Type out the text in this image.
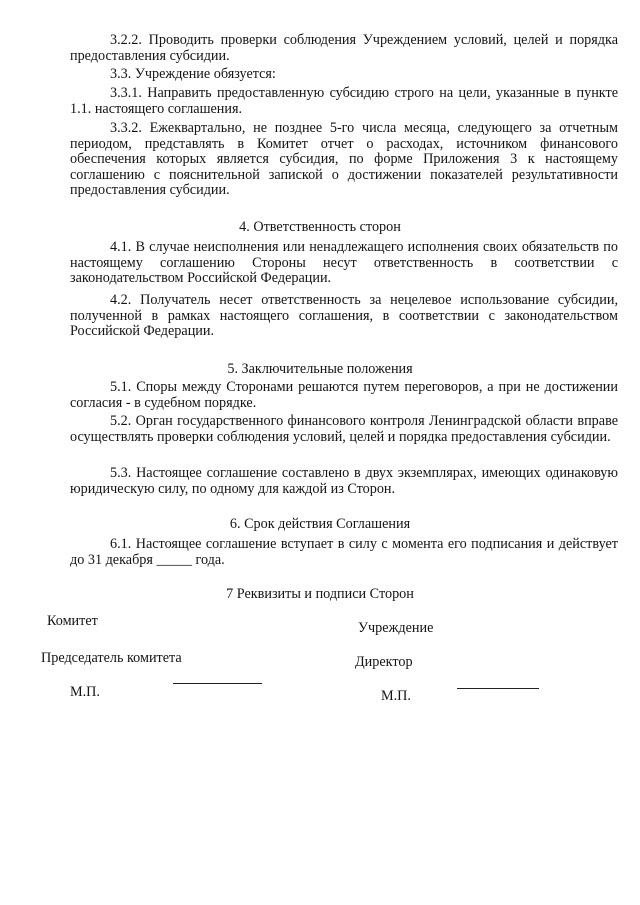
3.2.2. Проводить проверки соблюдения Учреждением условий, целей и порядка предоставления субсидии.

3.3. Учреждение обязуется:

3.3.1. Направить предоставленную субсидию строго на цели, указанные в пункте 1.1. настоящего соглашения.

3.3.2. Ежеквартально, не позднее 5-го числа месяца, следующего за отчетным периодом, представлять в Комитет отчет о расходах, источником финансового обеспечения которых является субсидия, по форме Приложения 3 к настоящему соглашению с пояснительной запиской о достижении показателей результативности предоставления субсидии.

4. Ответственность сторон

4.1. В случае неисполнения или ненадлежащего исполнения своих обязательств по настоящему соглашению Стороны несут ответственность в соответствии с законодательством Российской Федерации.

4.2. Получатель несет ответственность за нецелевое использование субсидии, полученной в рамках настоящего соглашения, в соответствии с законодательством Российской Федерации.

5. Заключительные положения

5.1. Споры между Сторонами решаются путем переговоров, а при не достижении согласия - в судебном порядке.

5.2. Орган государственного финансового контроля Ленинградской области вправе осуществлять проверки соблюдения условий, целей и порядка предоставления субсидии.

5.3. Настоящее соглашение составлено в двух экземплярах, имеющих одинаковую юридическую силу, по одному для каждой из Сторон.

6. Срок действия Соглашения

6.1. Настоящее соглашение вступает в силу с момента его подписания и действует до 31 декабря _____ года.

7 Реквизиты и подписи Сторон

Комитет	Учреждение
Председатель комитета	Директор
М.П.	М.П.
